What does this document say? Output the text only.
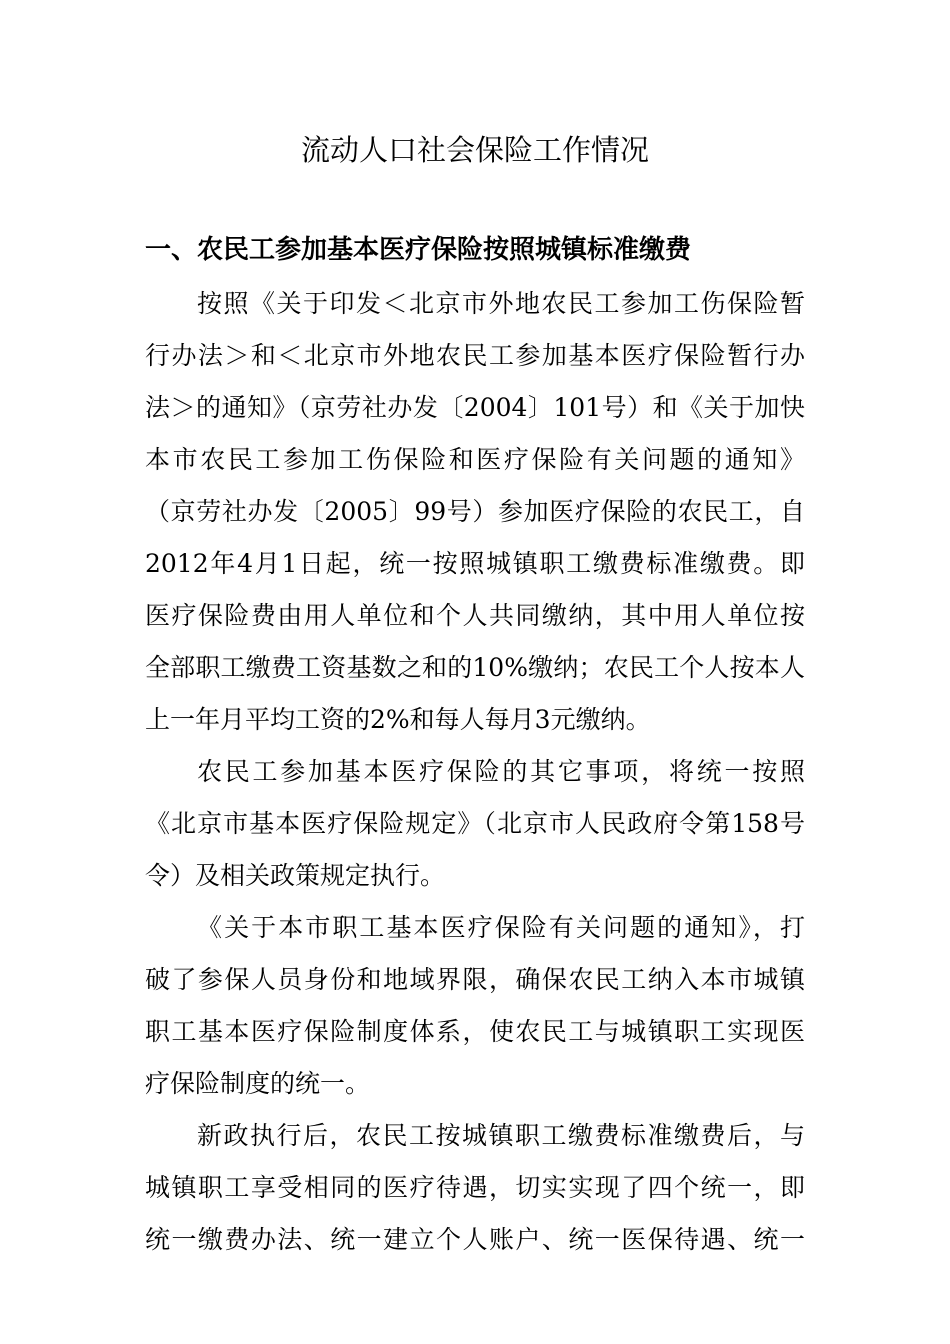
流动人口社会保险工作情况
一、农民工参加基本医疗保险按照城镇标准缴费

按照《关于印发＜北京市外地农民工参加工伤保险暂

行办法＞和＜北京市外地农民工参加基本医疗保险暂行办

法＞的通知》（京劳社办发〔2004〕101号）和《关于加快

本市农民工参加工伤保险和医疗保险有关问题的通知》

（京劳社办发〔2005〕99号）参加医疗保险的农民工，自

2012年4月1日起，统一按照城镇职工缴费标准缴费。即

医疗保险费由用人单位和个人共同缴纳，其中用人单位按

全部职工缴费工资基数之和的10%缴纳；农民工个人按本人

上一年月平均工资的2%和每人每月3元缴纳。

农民工参加基本医疗保险的其它事项，将统一按照

《北京市基本医疗保险规定》（北京市人民政府令第158号

令）及相关政策规定执行。

《关于本市职工基本医疗保险有关问题的通知》，打

破了参保人员身份和地域界限，确保农民工纳入本市城镇

职工基本医疗保险制度体系，使农民工与城镇职工实现医

疗保险制度的统一。

新政执行后，农民工按城镇职工缴费标准缴费后，与

城镇职工享受相同的医疗待遇，切实实现了四个统一，即

统一缴费办法、统一建立个人账户、统一医保待遇、统一
